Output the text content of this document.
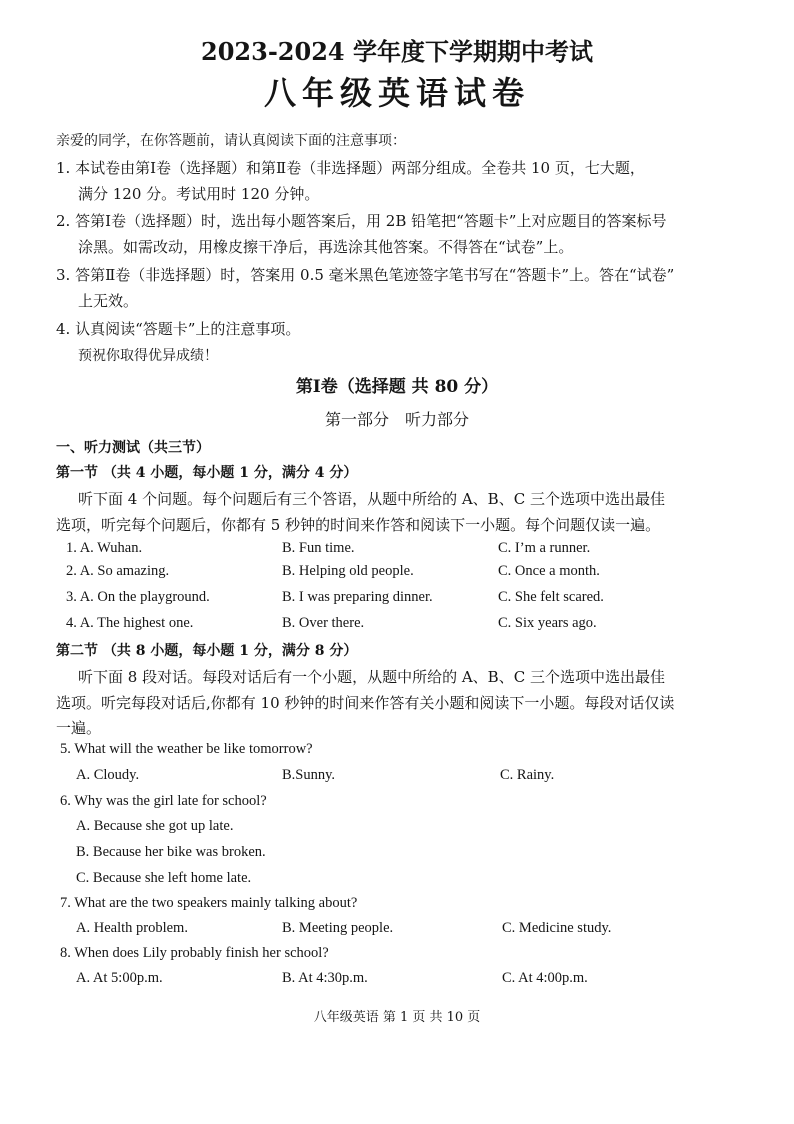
2023-2024 学年度下学期期中考试
八年级英语试卷
亲爱的同学，在你答题前，请认真阅读下面的注意事项：
1. 本试卷由第Ⅰ卷（选择题）和第Ⅱ卷（非选择题）两部分组成。全卷共 10 页，七大题，
满分 120 分。考试用时 120 分钟。
2. 答第Ⅰ卷（选择题）时，选出每小题答案后，用 2B 铅笔把“答题卡”上对应题目的答案标号
涂黑。如需改动，用橡皮擦干净后，再选涂其他答案。不得答在“试卷”上。
3. 答第Ⅱ卷（非选择题）时，答案用 0.5 毫米黑色笔迹签字笔书写在“答题卡”上。答在“试卷”
上无效。
4. 认真阅读“答题卡”上的注意事项。
预祝你取得优异成绩！
第Ⅰ卷（选择题 共 80 分）
第一部分　听力部分
一、听力测试（共三节）
第一节 （共 4 小题，每小题 1 分，满分 4 分）
听下面 4 个问题。每个问题后有三个答语，从题中所给的 A、B、C 三个选项中选出最佳
选项，听完每个问题后，你都有 5 秒钟的时间来作答和阅读下一小题。每个问题仅读一遍。
1. A. Wuhan.	B. Fun time.	C. I’m a runner.
2. A. So amazing.	B. Helping old people.	C. Once a month.
3. A. On the playground.	B. I was preparing dinner.	C. She felt scared.
4. A. The highest one.	B. Over there.	C. Six years ago.
第二节 （共 8 小题，每小题 1 分，满分 8 分）
听下面 8 段对话。每段对话后有一个小题，从题中所给的 A、B、C 三个选项中选出最佳
选项。听完每段对话后,你都有 10 秒钟的时间来作答有关小题和阅读下一小题。每段对话仅读
一遍。
5. What will the weather be like tomorrow?
A. Cloudy.	B.Sunny.	C. Rainy.
6. Why was the girl late for school?
A. Because she got up late.
B. Because her bike was broken.
C. Because she left home late.
7. What are the two speakers mainly talking about?
A. Health problem.	B. Meeting people.	C. Medicine study.
8. When does Lily probably finish her school?
A. At 5:00p.m.	B. At 4:30p.m.	C. At 4:00p.m.
八年级英语 第 1 页 共 10 页
